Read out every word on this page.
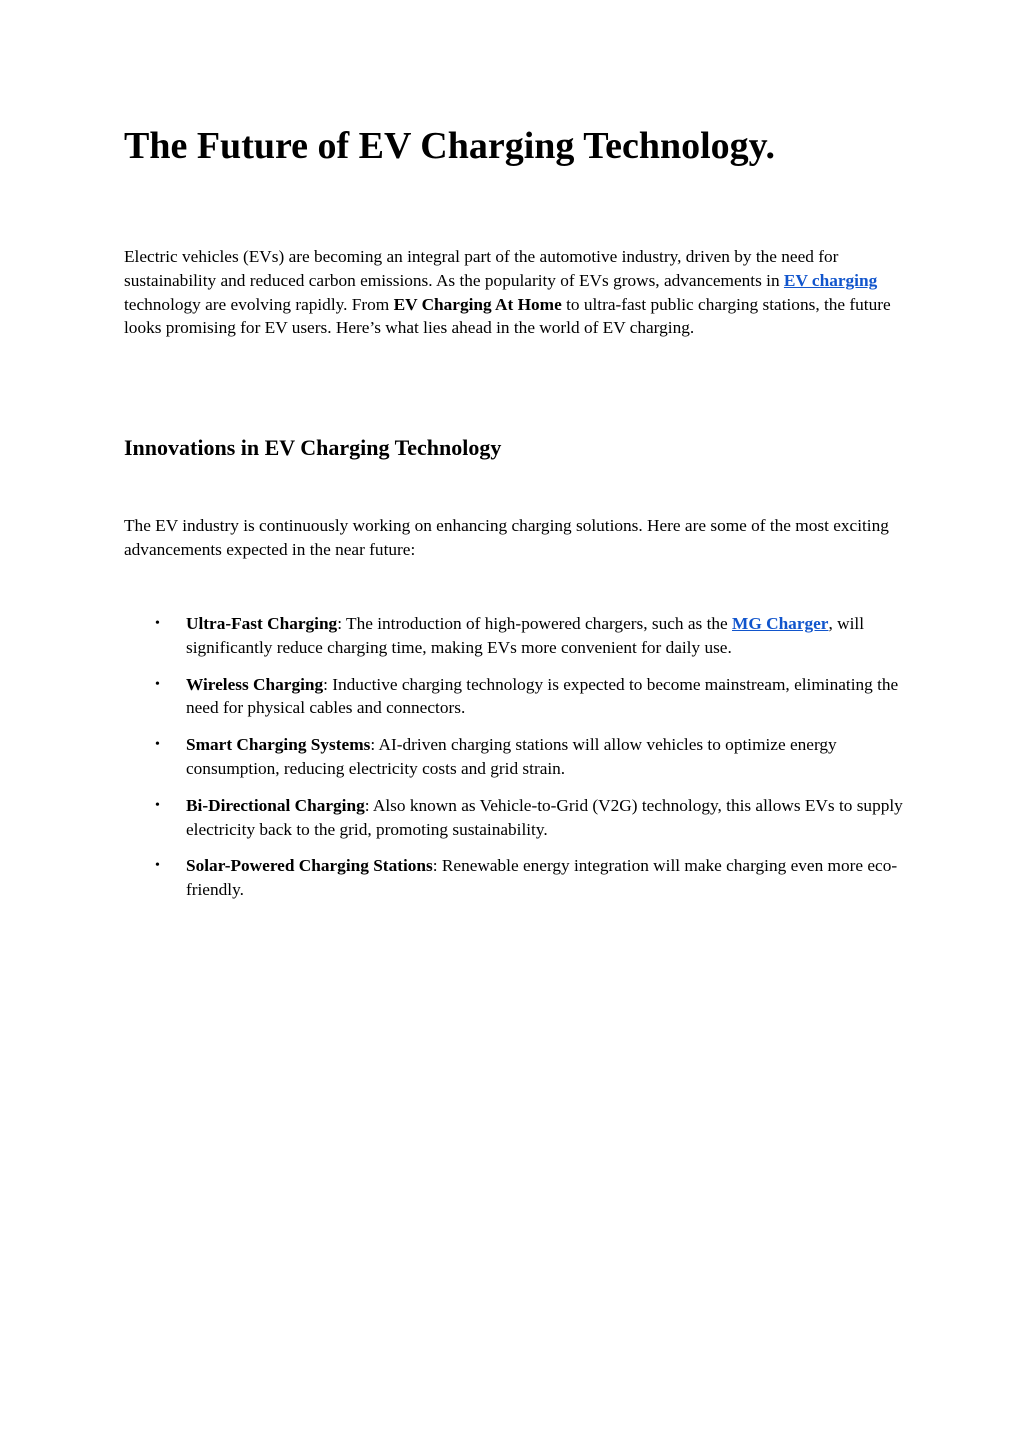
The Future of EV Charging Technology.

Electric vehicles (EVs) are becoming an integral part of the automotive industry, driven by the need for sustainability and reduced carbon emissions. As the popularity of EVs grows, advancements in EV charging technology are evolving rapidly. From EV Charging At Home to ultra-fast public charging stations, the future looks promising for EV users. Here’s what lies ahead in the world of EV charging.

Innovations in EV Charging Technology

The EV industry is continuously working on enhancing charging solutions. Here are some of the most exciting advancements expected in the near future:

• Ultra-Fast Charging: The introduction of high-powered chargers, such as the MG Charger, will significantly reduce charging time, making EVs more convenient for daily use.
• Wireless Charging: Inductive charging technology is expected to become mainstream, eliminating the need for physical cables and connectors.
• Smart Charging Systems: AI-driven charging stations will allow vehicles to optimize energy consumption, reducing electricity costs and grid strain.
• Bi-Directional Charging: Also known as Vehicle-to-Grid (V2G) technology, this allows EVs to supply electricity back to the grid, promoting sustainability.
• Solar-Powered Charging Stations: Renewable energy integration will make charging even more eco-friendly.
